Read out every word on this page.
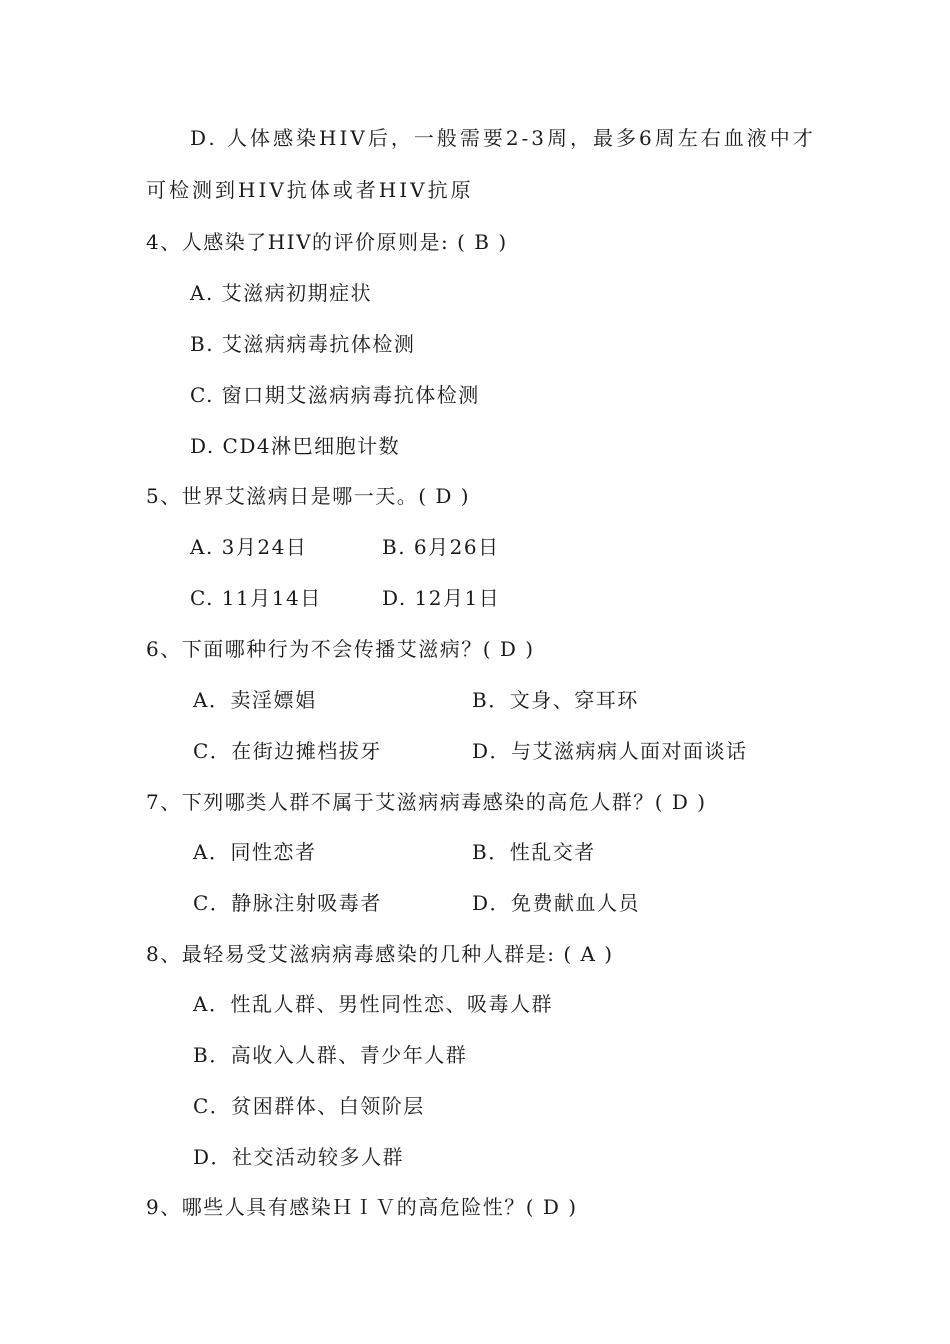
D. 人体感染HIV后，一般需要2-3周，最多6周左右血液中才
可检测到HIV抗体或者HIV抗原
4、人感染了HIV的评价原则是: ( B )
A. 艾滋病初期症状
B. 艾滋病病毒抗体检测
C. 窗口期艾滋病病毒抗体检测
D. CD4淋巴细胞计数
5、世界艾滋病日是哪一天。( D )
A. 3月24日	B. 6月26日
C. 11月14日	D. 12月1日
6、下面哪种行为不会传播艾滋病？( D )
A．卖淫嫖娼	B．文身、穿耳环
C．在街边摊档拔牙	D．与艾滋病病人面对面谈话
7、下列哪类人群不属于艾滋病病毒感染的高危人群？( D )
A．同性恋者	B．性乱交者
C．静脉注射吸毒者	D．免费献血人员
8、最轻易受艾滋病病毒感染的几种人群是: ( A )
A．性乱人群、男性同性恋、吸毒人群
B．高收入人群、青少年人群
C．贫困群体、白领阶层
D．社交活动较多人群
9、哪些人具有感染ＨＩＶ的高危险性？( D )
